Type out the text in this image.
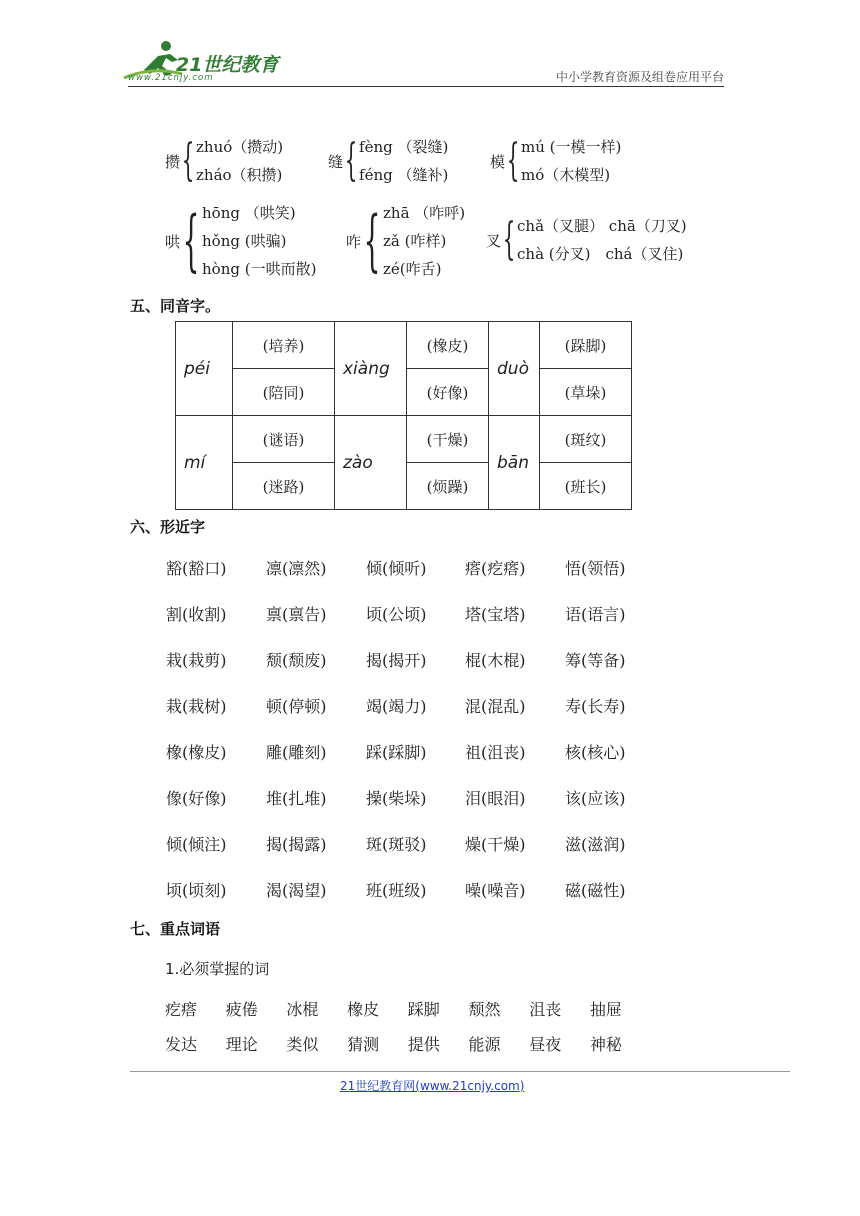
21世纪教育
www.21cnjy.com	中小学教育资源及组卷应用平台
攒 { zhuó（攒动)
zháo（积攒)
缝 { fèng （裂缝)
féng （缝补)
模 { mú (一模一样)
mó（木模型)
哄 { hōng （哄笑)
hǒng (哄骗)
hòng (一哄而散)
咋 { zhā （咋呼)
zǎ (咋样)
zé(咋舌)
叉 { chǎ（叉腿） chā（刀叉)
chà (分叉)　chá（叉住)
五、同音字。
péi	(培养)	xiàng	(橡皮)	duò	(跺脚)
	(陪同)		(好像)		(草垛)
mí	(谜语)	zào	(干燥)	bān	(斑纹)
	(迷路)		(烦躁)		(班长)
六、形近字
豁(豁口) 凛(凛然) 倾(倾听) 瘩(疙瘩) 悟(领悟)
割(收割) 禀(禀告) 顷(公顷) 塔(宝塔) 语(语言)
栽(栽剪) 颓(颓废) 揭(揭开) 棍(木棍) 筹(等备)
栽(栽树) 顿(停顿) 竭(竭力) 混(混乱) 寿(长寿)
橡(橡皮) 雕(雕刻) 踩(踩脚) 祖(沮丧) 核(核心)
像(好像) 堆(扎堆) 操(柴垛) 泪(眼泪) 该(应该)
倾(倾注) 揭(揭露) 斑(斑驳) 燥(干燥) 滋(滋润)
顷(顷刻) 渴(渴望) 班(班级) 噪(噪音) 磁(磁性)
七、重点词语
1.必须掌握的词
疙瘩 疲倦 冰棍 橡皮 踩脚 颓然 沮丧 抽屉
发达 理论 类似 猜测 提供 能源 昼夜 神秘
21世纪教育网(www.21cnjy.com)
